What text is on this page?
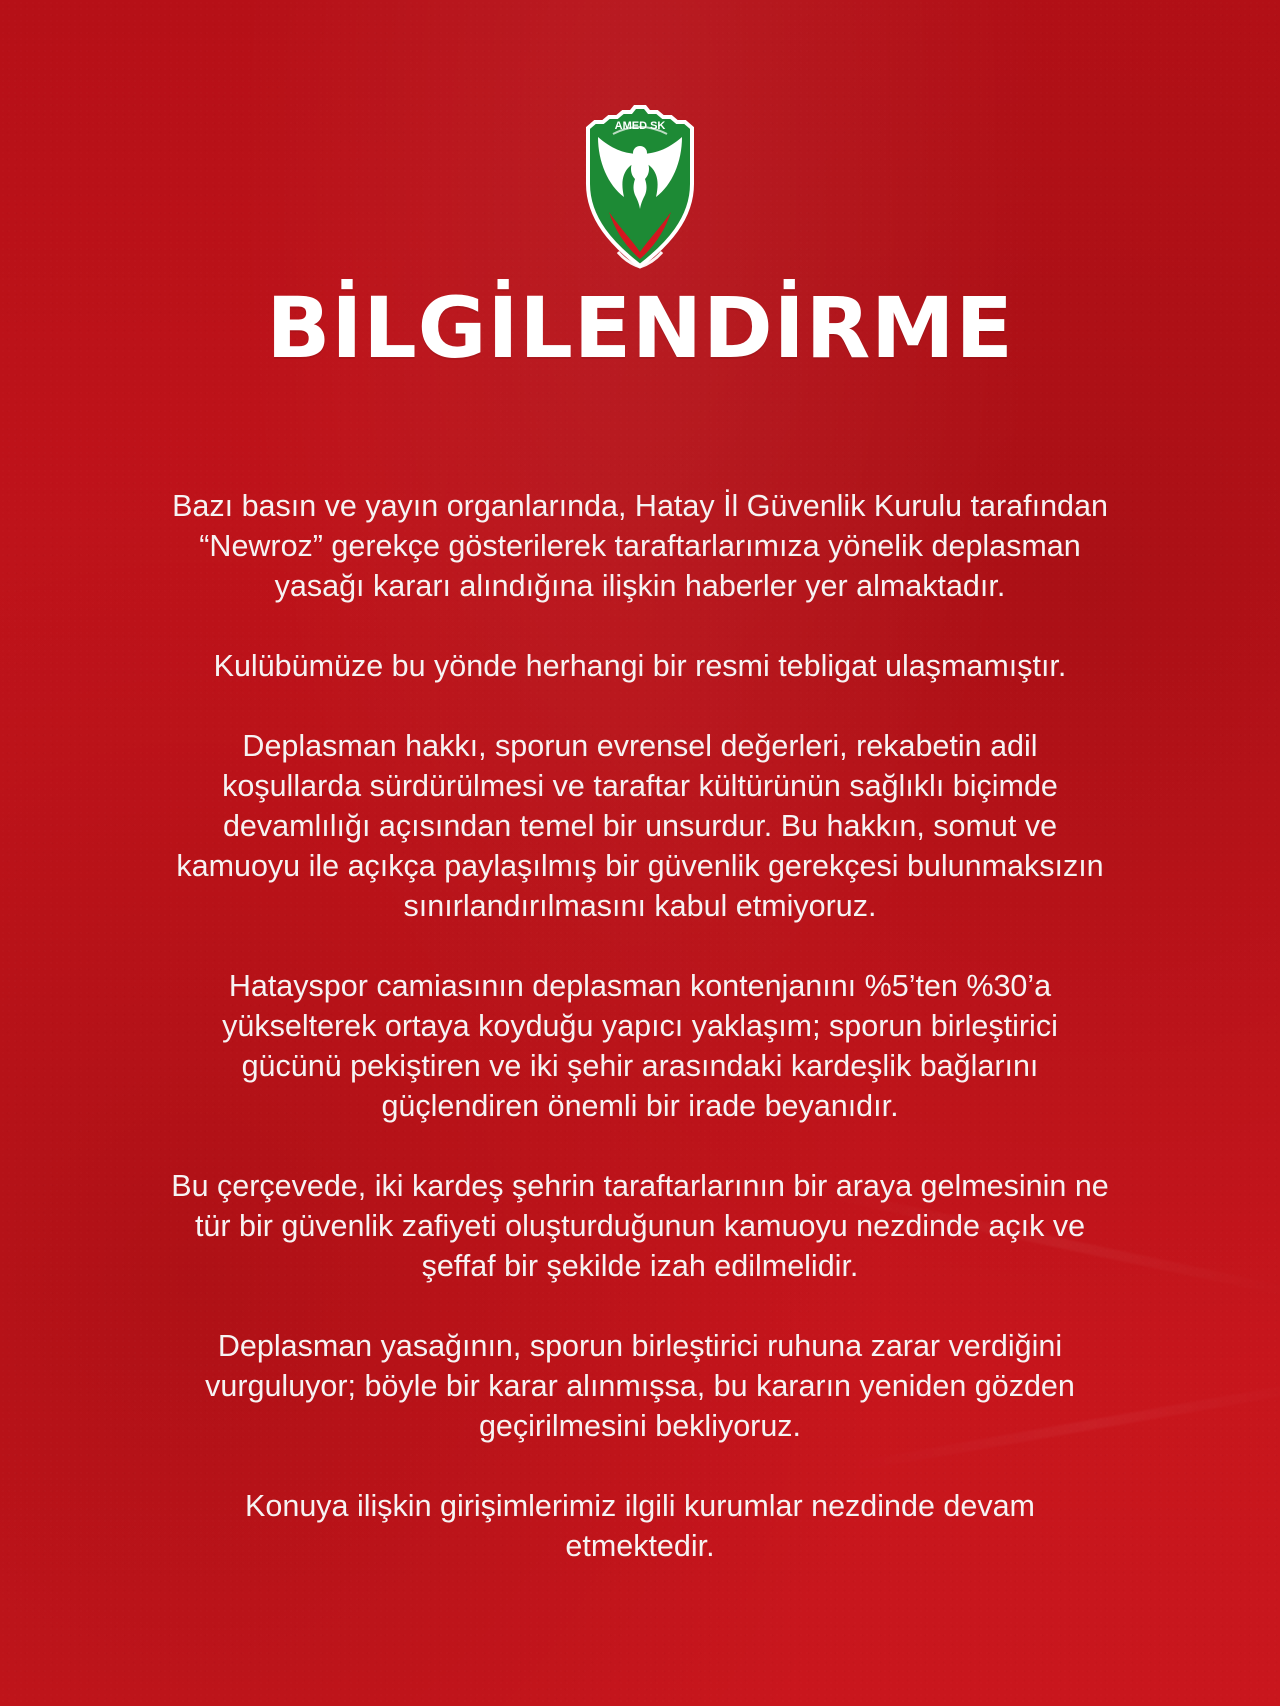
AMED SK
BİLGİLENDİRME

Bazı basın ve yayın organlarında, Hatay İl Güvenlik Kurulu tarafından
“Newroz” gerekçe gösterilerek taraftarlarımıza yönelik deplasman
yasağı kararı alındığına ilişkin haberler yer almaktadır.

Kulübümüze bu yönde herhangi bir resmi tebligat ulaşmamıştır.

Deplasman hakkı, sporun evrensel değerleri, rekabetin adil
koşullarda sürdürülmesi ve taraftar kültürünün sağlıklı biçimde
devamlılığı açısından temel bir unsurdur. Bu hakkın, somut ve
kamuoyu ile açıkça paylaşılmış bir güvenlik gerekçesi bulunmaksızın
sınırlandırılmasını kabul etmiyoruz.

Hatayspor camiasının deplasman kontenjanını %5’ten %30’a
yükselterek ortaya koyduğu yapıcı yaklaşım; sporun birleştirici
gücünü pekiştiren ve iki şehir arasındaki kardeşlik bağlarını
güçlendiren önemli bir irade beyanıdır.

Bu çerçevede, iki kardeş şehrin taraftarlarının bir araya gelmesinin ne
tür bir güvenlik zafiyeti oluşturduğunun kamuoyu nezdinde açık ve
şeffaf bir şekilde izah edilmelidir.

Deplasman yasağının, sporun birleştirici ruhuna zarar verdiğini
vurguluyor; böyle bir karar alınmışsa, bu kararın yeniden gözden
geçirilmesini bekliyoruz.

Konuya ilişkin girişimlerimiz ilgili kurumlar nezdinde devam
etmektedir.
